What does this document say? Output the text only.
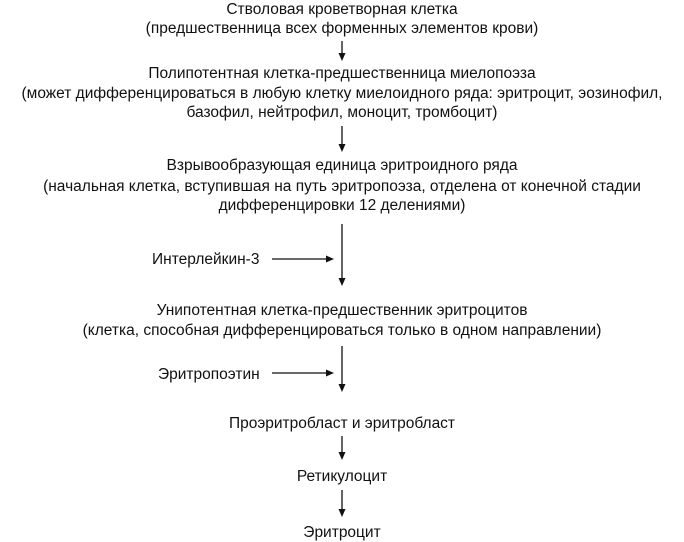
Стволовая кроветворная клетка

(предшественница всех форменных элементов крови)

Полипотентная клетка-предшественница миелопоэза

(может дифференцироваться в любую клетку миелоидного ряда: эритроцит, эозинофил,

базофил, нейтрофил, моноцит, тромбоцит)

Взрывообразующая единица эритроидного ряда

(начальная клетка, вступившая на путь эритропоэза, отделена от конечной стадии

дифференцировки 12 делениями)

Интерлейкин-3

Унипотентная клетка-предшественник эритроцитов

(клетка, способная дифференцироваться только в одном направлении)

Эритропоэтин

Проэритробласт и эритробласт

Ретикулоцит

Эритроцит
